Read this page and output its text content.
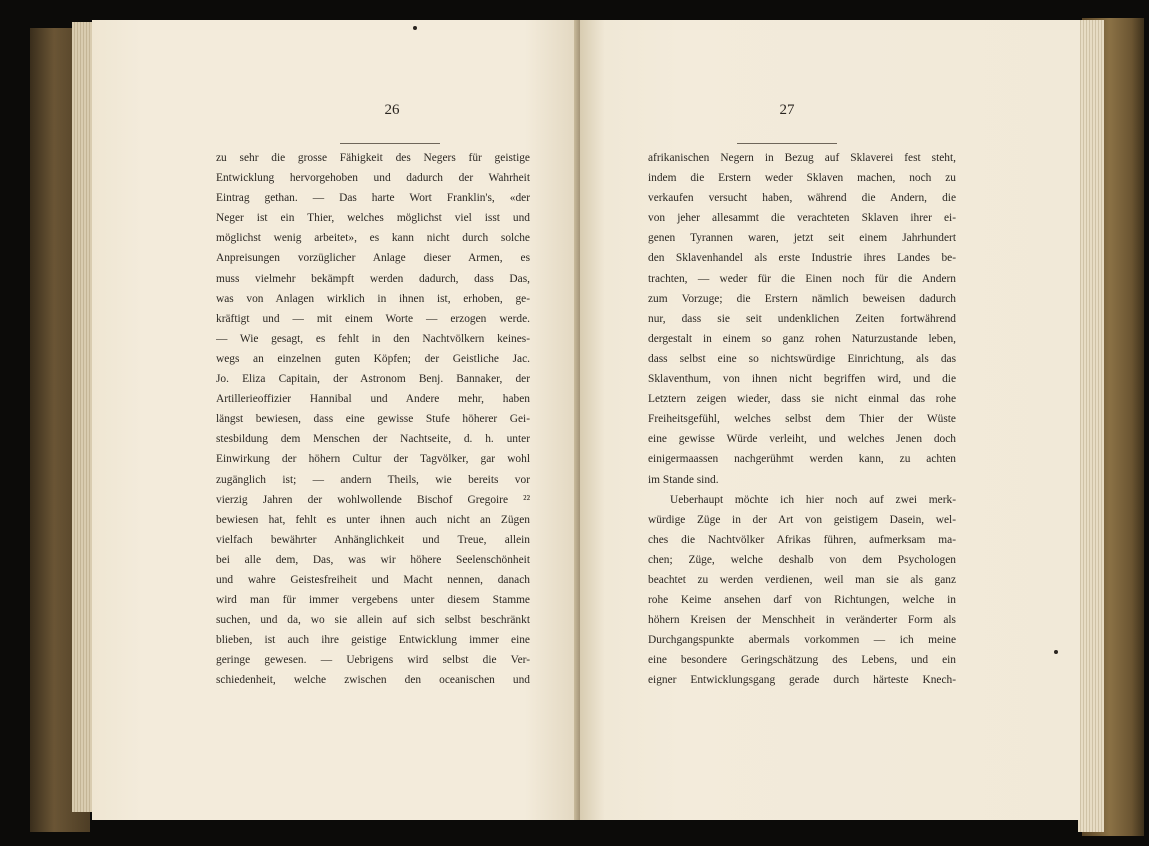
26
zu sehr die grosse Fähigkeit des Negers für geistige
Entwicklung hervorgehoben und dadurch der Wahrheit
Eintrag gethan. — Das harte Wort Franklin's, «der
Neger ist ein Thier, welches möglichst viel isst und
möglichst wenig arbeitet», es kann nicht durch solche
Anpreisungen vorzüglicher Anlage dieser Armen, es
muss vielmehr bekämpft werden dadurch, dass Das,
was von Anlagen wirklich in ihnen ist, erhoben, ge-
kräftigt und — mit einem Worte — erzogen werde.
— Wie gesagt, es fehlt in den Nachtvölkern keines-
wegs an einzelnen guten Köpfen; der Geistliche Jac.
Jo. Eliza Capitain, der Astronom Benj. Bannaker, der
Artillerieoffizier Hannibal und Andere mehr, haben
längst bewiesen, dass eine gewisse Stufe höherer Gei-
stesbildung dem Menschen der Nachtseite, d. h. unter
Einwirkung der höhern Cultur der Tagvölker, gar wohl
zugänglich ist; — andern Theils, wie bereits vor
vierzig Jahren der wohlwollende Bischof Gregoire ²²
bewiesen hat, fehlt es unter ihnen auch nicht an Zügen
vielfach bewährter Anhänglichkeit und Treue, allein
bei alle dem, Das, was wir höhere Seelenschönheit
und wahre Geistesfreiheit und Macht nennen, danach
wird man für immer vergebens unter diesem Stamme
suchen, und da, wo sie allein auf sich selbst beschränkt
blieben, ist auch ihre geistige Entwicklung immer eine
geringe gewesen. — Uebrigens wird selbst die Ver-
schiedenheit, welche zwischen den oceanischen und
27
afrikanischen Negern in Bezug auf Sklaverei fest steht,
indem die Erstern weder Sklaven machen, noch zu
verkaufen versucht haben, während die Andern, die
von jeher allesammt die verachteten Sklaven ihrer ei-
genen Tyrannen waren, jetzt seit einem Jahrhundert
den Sklavenhandel als erste Industrie ihres Landes be-
trachten, — weder für die Einen noch für die Andern
zum Vorzuge; die Erstern nämlich beweisen dadurch
nur, dass sie seit undenklichen Zeiten fortwährend
dergestalt in einem so ganz rohen Naturzustande leben,
dass selbst eine so nichtswürdige Einrichtung, als das
Sklaventhum, von ihnen nicht begriffen wird, und die
Letztern zeigen wieder, dass sie nicht einmal das rohe
Freiheitsgefühl, welches selbst dem Thier der Wüste
eine gewisse Würde verleiht, und welches Jenen doch
einigermaassen nachgerühmt werden kann, zu achten
im Stande sind.
Ueberhaupt möchte ich hier noch auf zwei merk-
würdige Züge in der Art von geistigem Dasein, wel-
ches die Nachtvölker Afrikas führen, aufmerksam ma-
chen; Züge, welche deshalb von dem Psychologen
beachtet zu werden verdienen, weil man sie als ganz
rohe Keime ansehen darf von Richtungen, welche in
höhern Kreisen der Menschheit in veränderter Form als
Durchgangspunkte abermals vorkommen — ich meine
eine besondere Geringschätzung des Lebens, und ein
eigner Entwicklungsgang gerade durch härteste Knech-
